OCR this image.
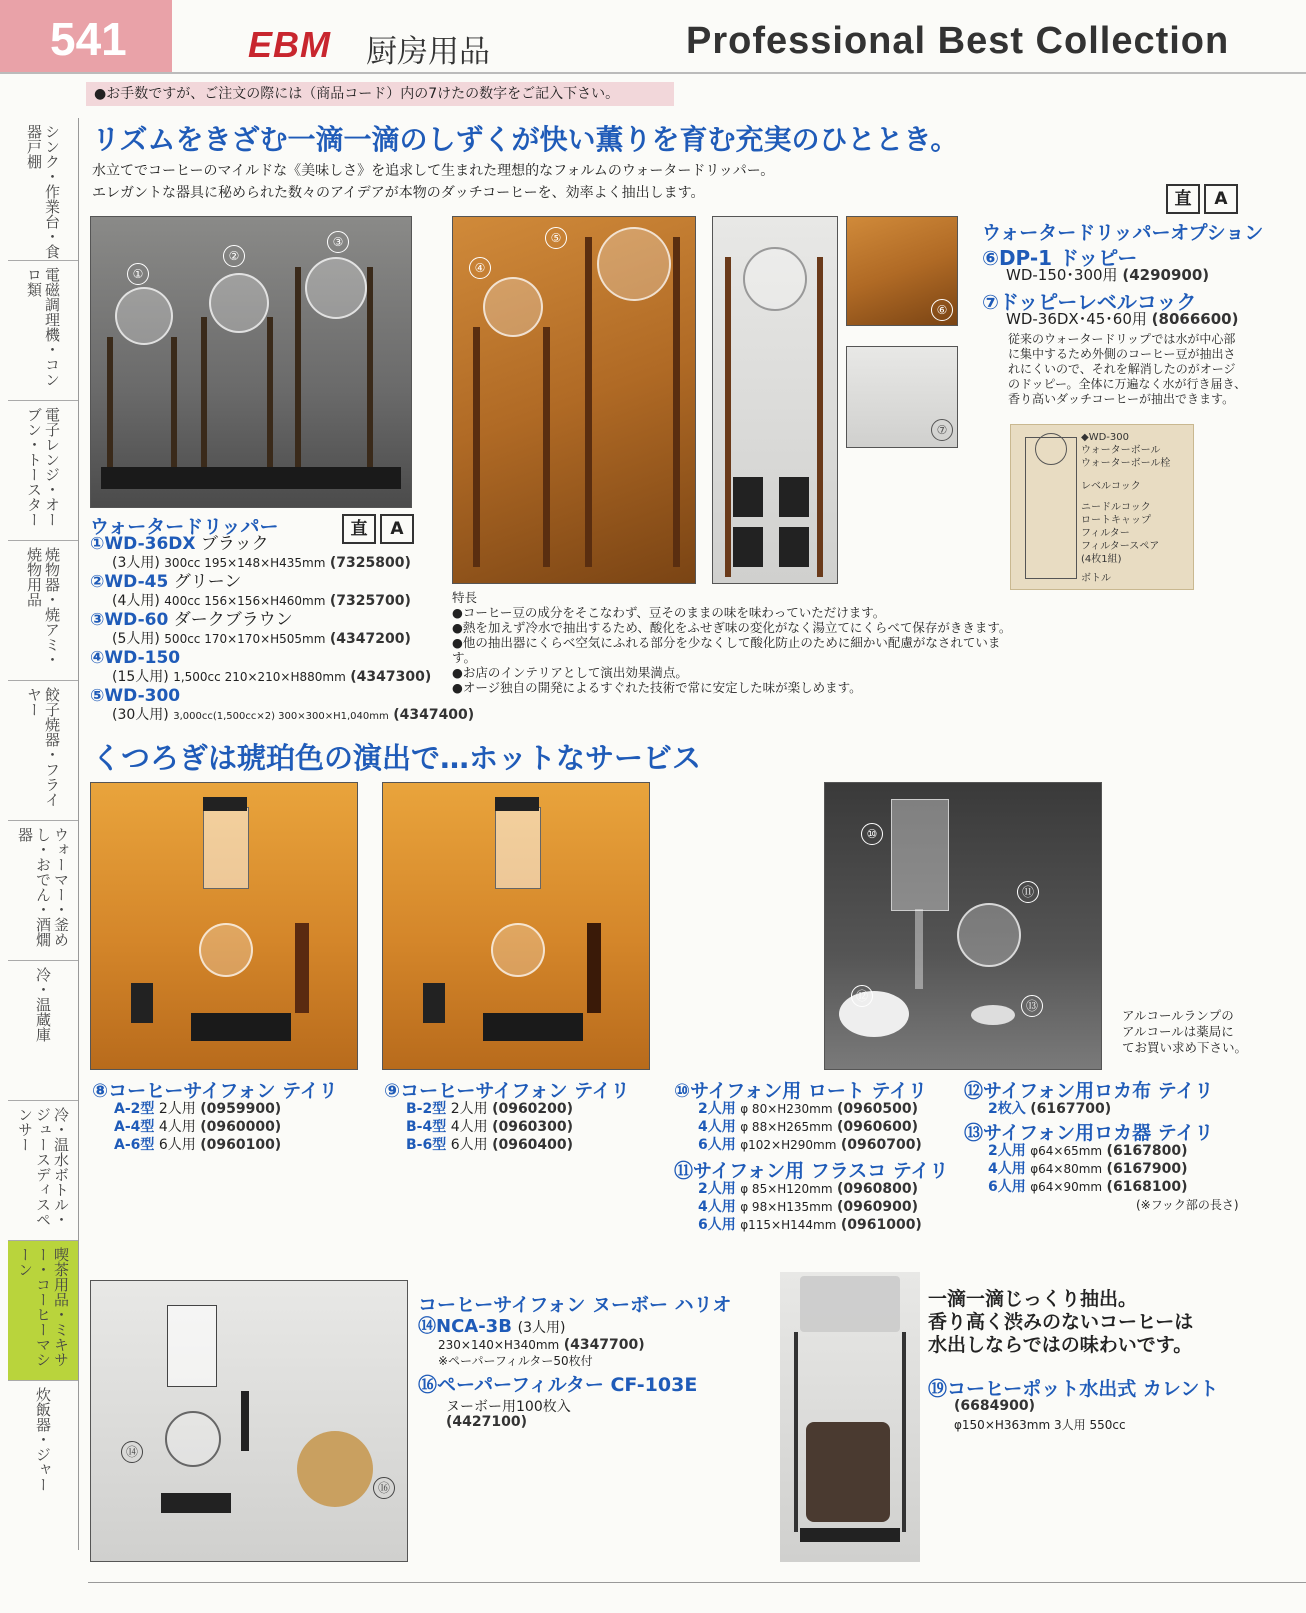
541	EBM 厨房用品	Professional Best Collection
●お手数ですが、ご注文の際には（商品コード）内の7けたの数字をご記入下さい。
シンク・作業台・食器戸棚
電磁調理機・コンロ類
電子レンジ・オーブン・トースター
焼物器・焼アミ・焼物用品
餃子焼器・フライヤー
ウォーマー・釜めし・おでん・酒燗器
冷・温蔵庫
冷・温水ボトル・ジュースディスペンサー
喫茶用品・ミキサー・コーヒーマシーン
炊飯器・ジャー
リズムをきざむ一滴一滴のしずくが快い薫りを育む充実のひととき。
水立てでコーヒーのマイルドな《美味しさ》を追求して生まれた理想的なフォルムのウォータードリッパー。
エレガントな器具に秘められた数々のアイデアが本物のダッチコーヒーを、効率よく抽出します。
①
②
③
④
⑤
⑥
⑦
直 A
ウォータードリッパーオプション
⑥DP-1 ドッピー
WD-150･300用 (4290900)
⑦ドッピーレベルコック
WD-36DX･45･60用 (8066600)
従来のウォータードリップでは水が中心部
に集中するため外側のコーヒー豆が抽出さ
れにくいので、それを解消したのがオージ
のドッピー。全体に万遍なく水が行き届き、
香り高いダッチコーヒーが抽出できます。
◆WD-300
ウォーターボール
ウォーターボール栓
レベルコック
ニードルコック
ロートキャップ
フィルター
フィルタースペア
(4枚1組)
ボトル
ウォータードリッパー	直 A
①WD-36DX ブラック
(3人用) 300cc 195×148×H435mm (7325800)
②WD-45 グリーン
(4人用) 400cc 156×156×H460mm (7325700)
③WD-60 ダークブラウン
(5人用) 500cc 170×170×H505mm (4347200)
④WD-150
(15人用) 1,500cc 210×210×H880mm (4347300)
⑤WD-300
(30人用) 3,000cc(1,500cc×2) 300×300×H1,040mm (4347400)
特長
●コーヒー豆の成分をそこなわず、豆そのままの味を味わっていただけます。
●熱を加えず冷水で抽出するため、酸化をふせぎ味の変化がなく湯立てにくらべて保存がききます。
●他の抽出器にくらべ空気にふれる部分を少なくして酸化防止のために細かい配慮がなされています。
●お店のインテリアとして演出効果満点。
●オージ独自の開発によるすぐれた技術で常に安定した味が楽しめます。
くつろぎは琥珀色の演出で…ホットなサービス
⑩
⑪
⑫
⑬
アルコールランプの
アルコールは薬局に
てお買い求め下さい。
⑧コーヒーサイフォン テイリ
A-2型 2人用 (0959900)
A-4型 4人用 (0960000)
A-6型 6人用 (0960100)
⑨コーヒーサイフォン テイリ
B-2型 2人用 (0960200)
B-4型 4人用 (0960300)
B-6型 6人用 (0960400)
⑩サイフォン用 ロート テイリ
2人用 φ 80×H230mm (0960500)
4人用 φ 88×H265mm (0960600)
6人用 φ102×H290mm (0960700)
⑪サイフォン用 フラスコ テイリ
2人用 φ 85×H120mm (0960800)
4人用 φ 98×H135mm (0960900)
6人用 φ115×H144mm (0961000)
⑫サイフォン用ロカ布 テイリ
2枚入 (6167700)
⑬サイフォン用ロカ器 テイリ
2人用 φ64×65mm (6167800)
4人用 φ64×80mm (6167900)
6人用 φ64×90mm (6168100)
(※フック部の長さ)
⑭
⑯
コーヒーサイフォン ヌーボー ハリオ
⑭NCA-3B (3人用)
230×140×H340mm (4347700)
※ペーパーフィルター50枚付
⑯ペーパーフィルター CF-103E
ヌーボー用100枚入
(4427100)
一滴一滴じっくり抽出。
香り高く渋みのないコーヒーは
水出しならではの味わいです。
⑲コーヒーポット水出式 カレント
(6684900)
φ150×H363mm 3人用 550cc
